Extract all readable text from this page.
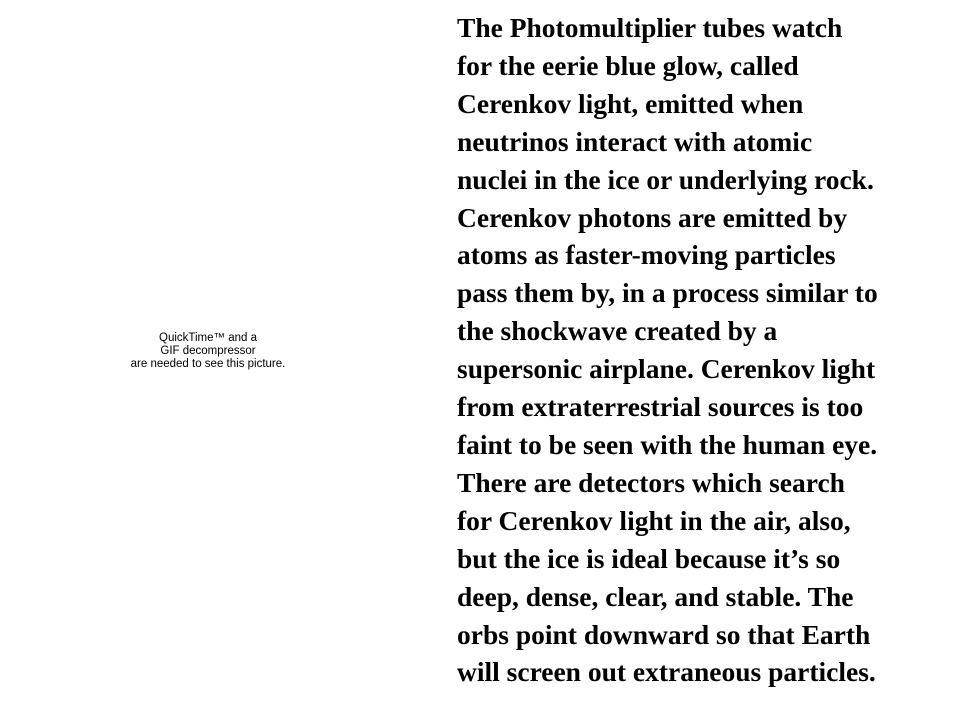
QuickTime™ and a
GIF decompressor
are needed to see this picture.

The Photomultiplier tubes watch
for the eerie blue glow, called
Cerenkov light, emitted when
neutrinos interact with atomic
nuclei in the ice or underlying rock.
Cerenkov photons are emitted by
atoms as faster-moving particles
pass them by, in a process similar to
the shockwave created by a
supersonic airplane. Cerenkov light
from extraterrestrial sources is too
faint to be seen with the human eye.
There are detectors which search
for Cerenkov light in the air, also,
but the ice is ideal because it’s so
deep, dense, clear, and stable. The
orbs point downward so that Earth
will screen out extraneous particles.
